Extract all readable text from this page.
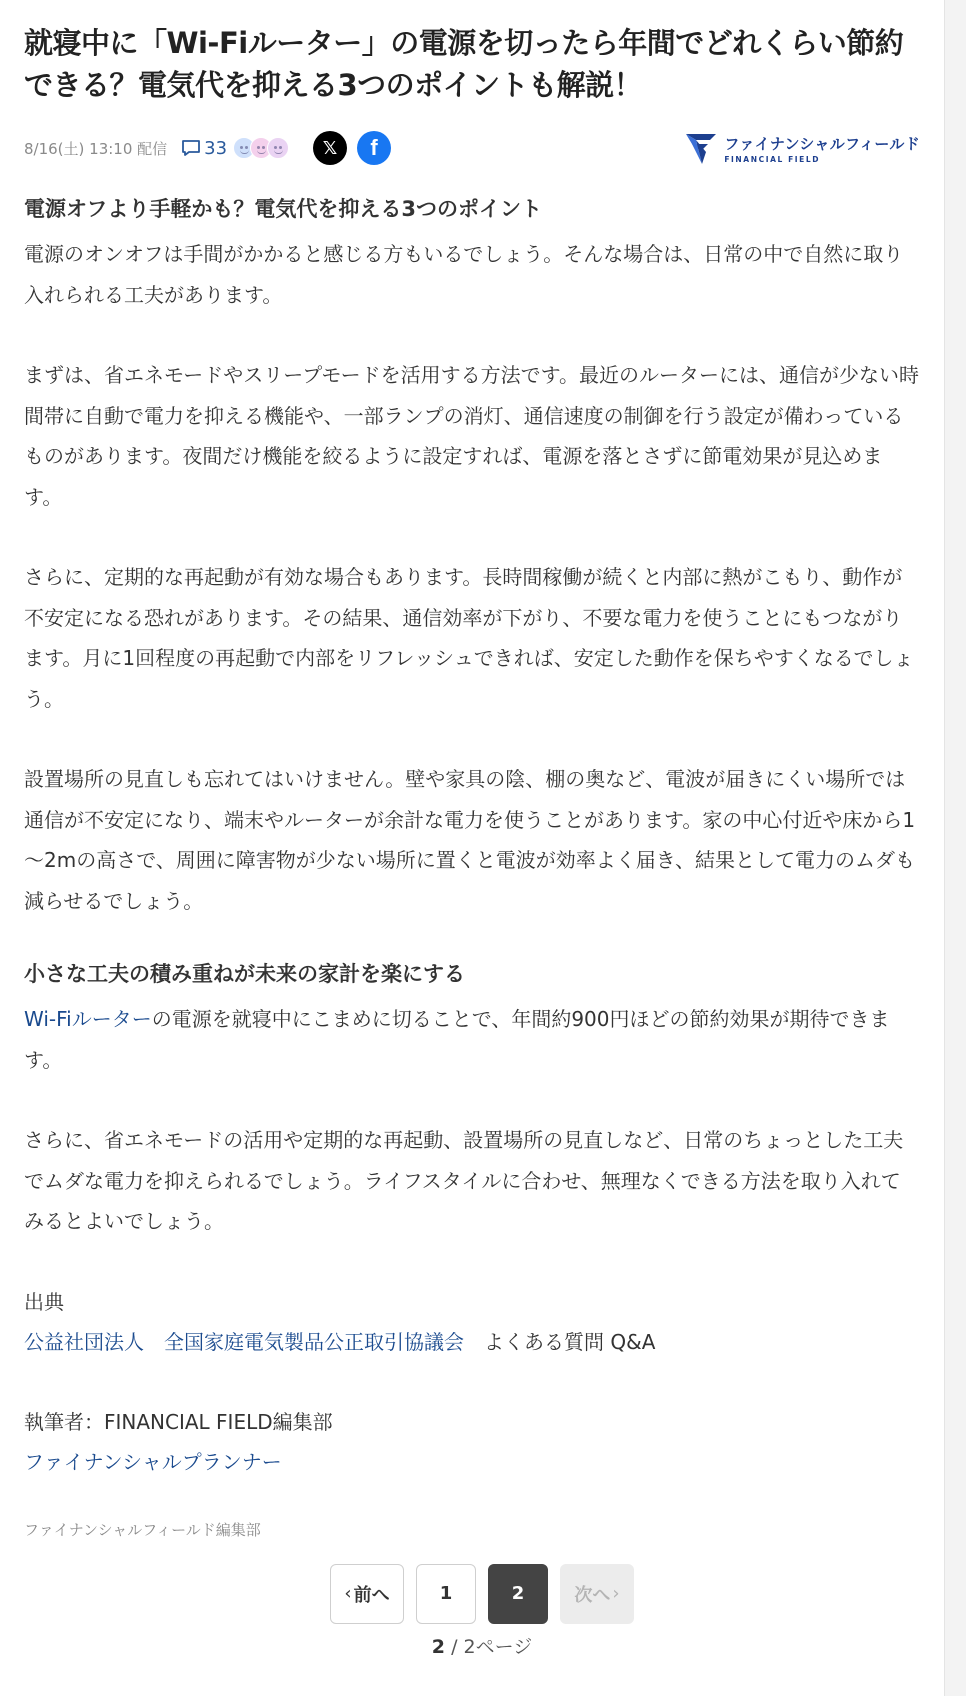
就寝中に「Wi-Fiルーター」の電源を切ったら年間でどれくらい節約できる？電気代を抑える3つのポイントも解説！
8/16(土) 13:10 配信 33	𝕏 f	ファイナンシャルフィールド
FINANCIAL FIELD
電源オフより手軽かも？電気代を抑える3つのポイント

電源のオンオフは手間がかかると感じる方もいるでしょう。そんな場合は、日常の中で自然に取り入れられる工夫があります。

まずは、省エネモードやスリープモードを活用する方法です。最近のルーターには、通信が少ない時間帯に自動で電力を抑える機能や、一部ランプの消灯、通信速度の制御を行う設定が備わっているものがあります。夜間だけ機能を絞るように設定すれば、電源を落とさずに節電効果が見込めます。

さらに、定期的な再起動が有効な場合もあります。長時間稼働が続くと内部に熱がこもり、動作が不安定になる恐れがあります。その結果、通信効率が下がり、不要な電力を使うことにもつながります。月に1回程度の再起動で内部をリフレッシュできれば、安定した動作を保ちやすくなるでしょう。

設置場所の見直しも忘れてはいけません。壁や家具の陰、棚の奥など、電波が届きにくい場所では通信が不安定になり、端末やルーターが余計な電力を使うことがあります。家の中心付近や床から1～2mの高さで、周囲に障害物が少ない場所に置くと電波が効率よく届き、結果として電力のムダも減らせるでしょう。

小さな工夫の積み重ねが未来の家計を楽にする

Wi-Fiルーターの電源を就寝中にこまめに切ることで、年間約900円ほどの節約効果が期待できます。

さらに、省エネモードの活用や定期的な再起動、設置場所の見直しなど、日常のちょっとした工夫でムダな電力を抑えられるでしょう。ライフスタイルに合わせ、無理なくできる方法を取り入れてみるとよいでしょう。

出典
公益社団法人 全国家庭電気製品公正取引協議会 よくある質問 Q&A
執筆者：FINANCIAL FIELD編集部
ファイナンシャルプランナー
ファイナンシャルフィールド編集部
‹ 前へ	1	2	次へ ›
2 / 2ページ
